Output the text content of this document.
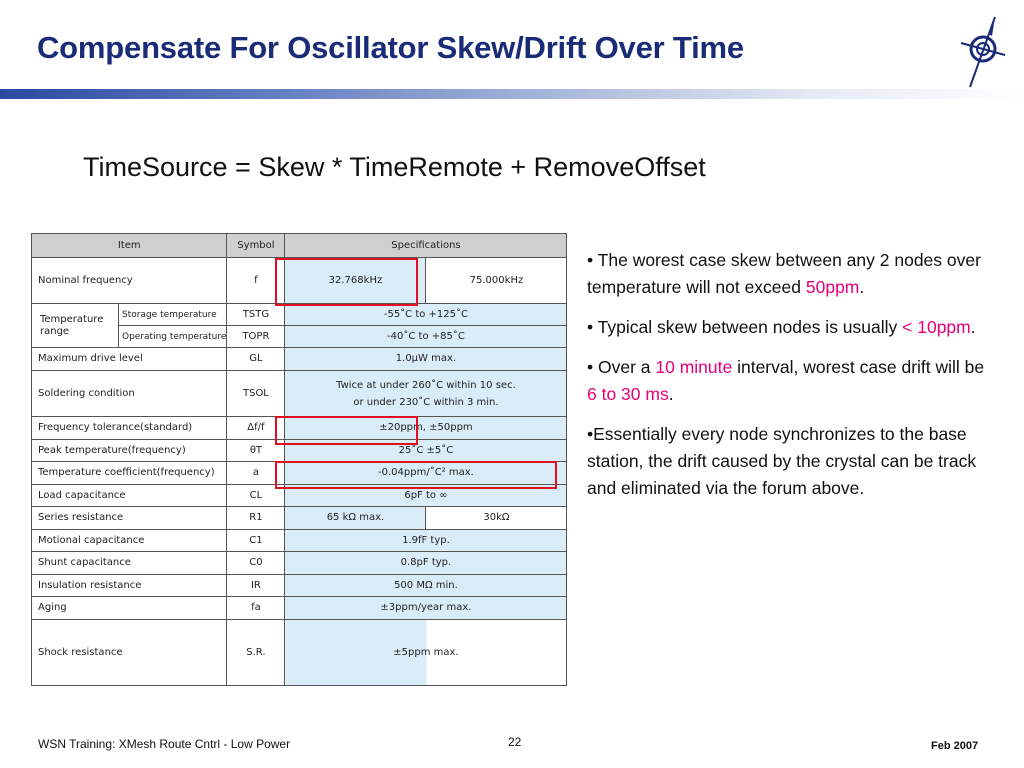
Compensate For Oscillator Skew/Drift Over Time
TimeSource = Skew * TimeRemote + RemoveOffset
Item		Symbol	Specifications	
Nominal frequency		f	32.768kHz	75.000kHz
Temperature range	Storage temperature	TSTG	-55˚C to +125˚C	
	Operating temperature	TOPR	-40˚C to +85˚C	
Maximum drive level		GL	1.0µW max.	
Soldering condition		TSOL	Twice at under 260˚C within 10 sec.
or under 230˚C within 3 min.	
Frequency tolerance(standard)		Δf/f	±20ppm, ±50ppm	
Peak temperature(frequency)		θT	25˚C ±5˚C	
Temperature coefficient(frequency)		a	-0.04ppm/˚C² max.	
Load capacitance		CL	6pF to ∞	
Series resistance		R1	65 kΩ max.	30kΩ
Motional capacitance		C1	1.9fF typ.	
Shunt capacitance		C0	0.8pF typ.	
Insulation resistance		IR	500 MΩ min.	
Aging		fa	±3ppm/year max.	
Shock resistance		S.R.	±5ppm max.	

• The worest case skew between any 2 nodes over temperature will not exceed 50ppm.

• Typical skew between nodes is usually < 10ppm.

• Over a 10 minute interval, worest case drift will be 6 to 30 ms.

•Essentially every node synchronizes to the base station, the drift caused by the crystal can be track and eliminated via the forum above.

WSN Training: XMesh Route Cntrl - Low Power	22	Feb 2007
